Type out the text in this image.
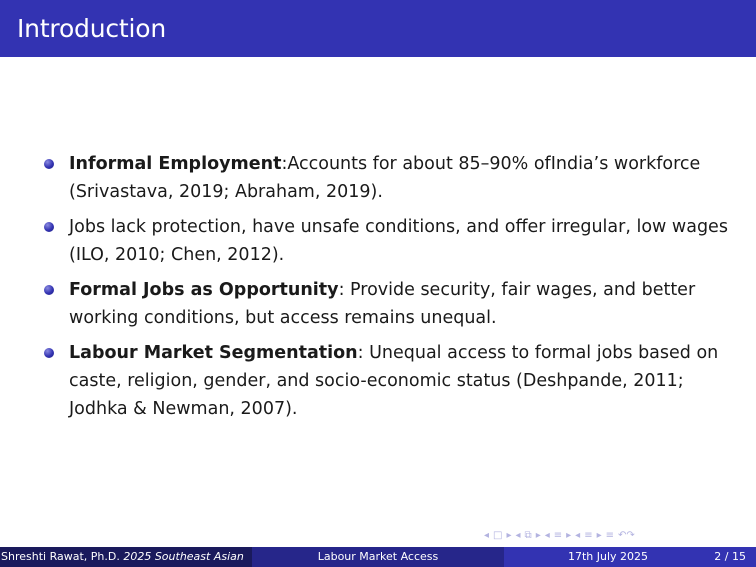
Introduction
Informal Employment:Accounts for about 85–90% ofIndia’s workforce (Srivastava, 2019; Abraham, 2019).
Jobs lack protection, have unsafe conditions, and offer irregular, low wages (ILO, 2010; Chen, 2012).
Formal Jobs as Opportunity: Provide security, fair wages, and better working conditions, but access remains unequal.
Labour Market Segmentation: Unequal access to formal jobs based on caste, religion, gender, and socio-economic status (Deshpande, 2011; Jodhka & Newman, 2007).
◂ □ ▸ ◂ ⧉ ▸ ◂ ≡ ▸ ◂ ≡ ▸ ≡ ↶↷
Shreshti Rawat, Ph.D. 2025 Southeast Asian	Labour Market Access	17th July 2025	2 / 15
